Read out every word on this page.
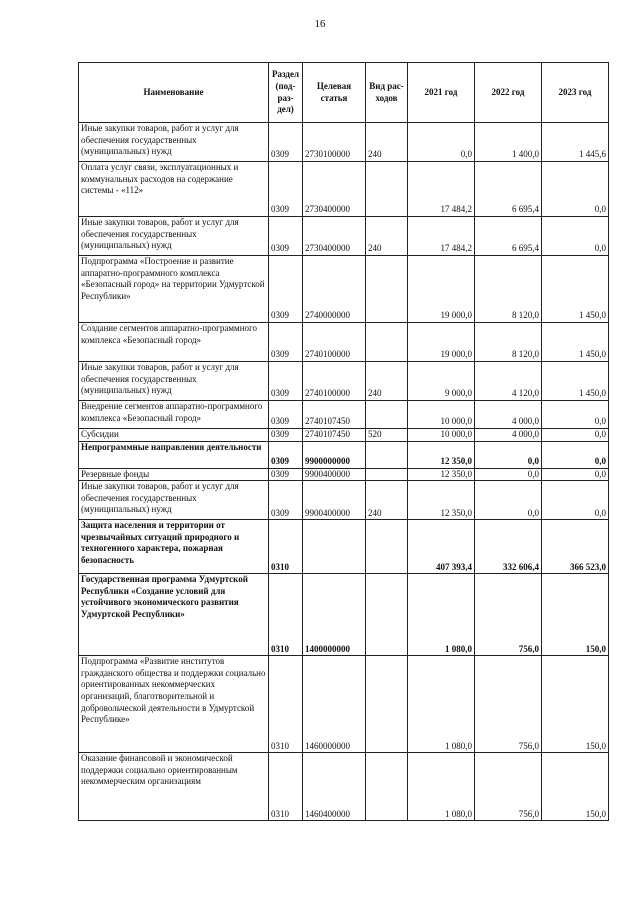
16
Наименование	Раздел (под-раз-дел)	Целевая статья	Вид рас-ходов	2021 год	2022 год	2023 год
Иные закупки товаров, работ и услуг для обеспечения государственных (муниципальных) нужд	0309	2730100000	240	0,0	1 400,0	1 445,6
Оплата услуг связи, эксплуатационных и коммунальных расходов на содержание системы - «112»	0309	2730400000		17 484,2	6 695,4	0,0
Иные закупки товаров, работ и услуг для обеспечения государственных (муниципальных) нужд	0309	2730400000	240	17 484,2	6 695,4	0,0
Подпрограмма «Построение и развитие аппаратно-программного комплекса «Безопасный город» на территории Удмуртской Республики»	0309	2740000000		19 000,0	8 120,0	1 450,0
Создание сегментов аппаратно-программного комплекса «Безопасный город»	0309	2740100000		19 000,0	8 120,0	1 450,0
Иные закупки товаров, работ и услуг для обеспечения государственных (муниципальных) нужд	0309	2740100000	240	9 000,0	4 120,0	1 450,0
Внедрение сегментов аппаратно-программного комплекса «Безопасный город»	0309	2740107450		10 000,0	4 000,0	0,0
Субсидии	0309	2740107450	520	10 000,0	4 000,0	0,0
Непрограммные направления деятельности	0309	9900000000		12 350,0	0,0	0,0
Резервные фонды	0309	9900400000		12 350,0	0,0	0,0
Иные закупки товаров, работ и услуг для обеспечения государственных (муниципальных) нужд	0309	9900400000	240	12 350,0	0,0	0,0
Защита населения и территории от чрезвычайных ситуаций природного и техногенного характера, пожарная безопасность	0310			407 393,4	332 606,4	366 523,0
Государственная программа Удмуртской Республики «Создание условий для устойчивого экономического развития Удмуртской Республики»	0310	1400000000		1 080,0	756,0	150,0
Подпрограмма «Развитие институтов гражданского общества и поддержки социально ориентированных некоммерческих организаций, благотворительной и добровольческой деятельности в Удмуртской Республике»	0310	1460000000		1 080,0	756,0	150,0
Оказание финансовой и экономической поддержки социально ориентированным некоммерческим организациям	0310	1460400000		1 080,0	756,0	150,0
